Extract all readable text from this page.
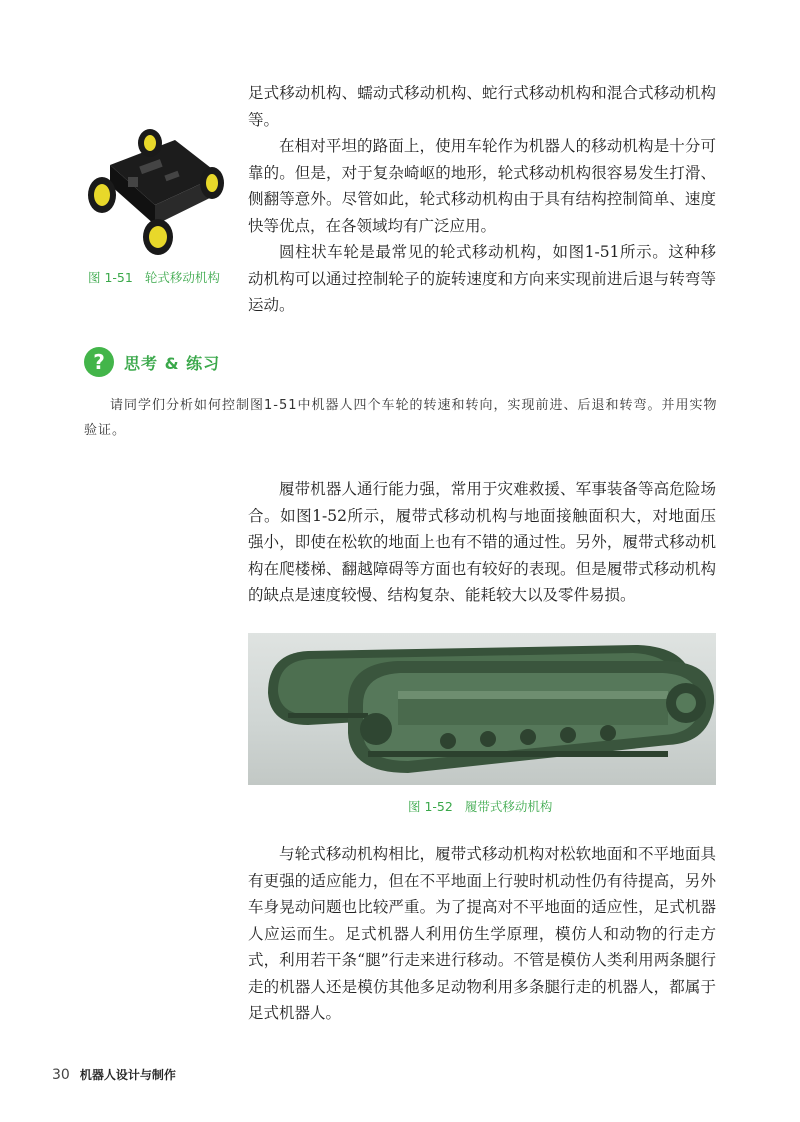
足式移动机构、蠕动式移动机构、蛇行式移动机构和混合式移动机构等。

在相对平坦的路面上，使用车轮作为机器人的移动机构是十分可靠的。但是，对于复杂崎岖的地形，轮式移动机构很容易发生打滑、侧翻等意外。尽管如此，轮式移动机构由于具有结构控制简单、速度快等优点，在各领域均有广泛应用。

圆柱状车轮是最常见的轮式移动机构，如图1-51所示。这种移动机构可以通过控制轮子的旋转速度和方向来实现前进后退与转弯等运动。

图 1-51 轮式移动机构
?	思考 & 练习

请同学们分析如何控制图1-51中机器人四个车轮的转速和转向，实现前进、后退和转弯。并用实物验证。

履带机器人通行能力强，常用于灾难救援、军事装备等高危险场合。如图1-52所示，履带式移动机构与地面接触面积大，对地面压强小，即使在松软的地面上也有不错的通过性。另外，履带式移动机构在爬楼梯、翻越障碍等方面也有较好的表现。但是履带式移动机构的缺点是速度较慢、结构复杂、能耗较大以及零件易损。

图 1-52 履带式移动机构

与轮式移动机构相比，履带式移动机构对松软地面和不平地面具有更强的适应能力，但在不平地面上行驶时机动性仍有待提高，另外车身晃动问题也比较严重。为了提高对不平地面的适应性，足式机器人应运而生。足式机器人利用仿生学原理，模仿人和动物的行走方式，利用若干条“腿”行走来进行移动。不管是模仿人类利用两条腿行走的机器人还是模仿其他多足动物利用多条腿行走的机器人，都属于足式机器人。

30 机器人设计与制作
